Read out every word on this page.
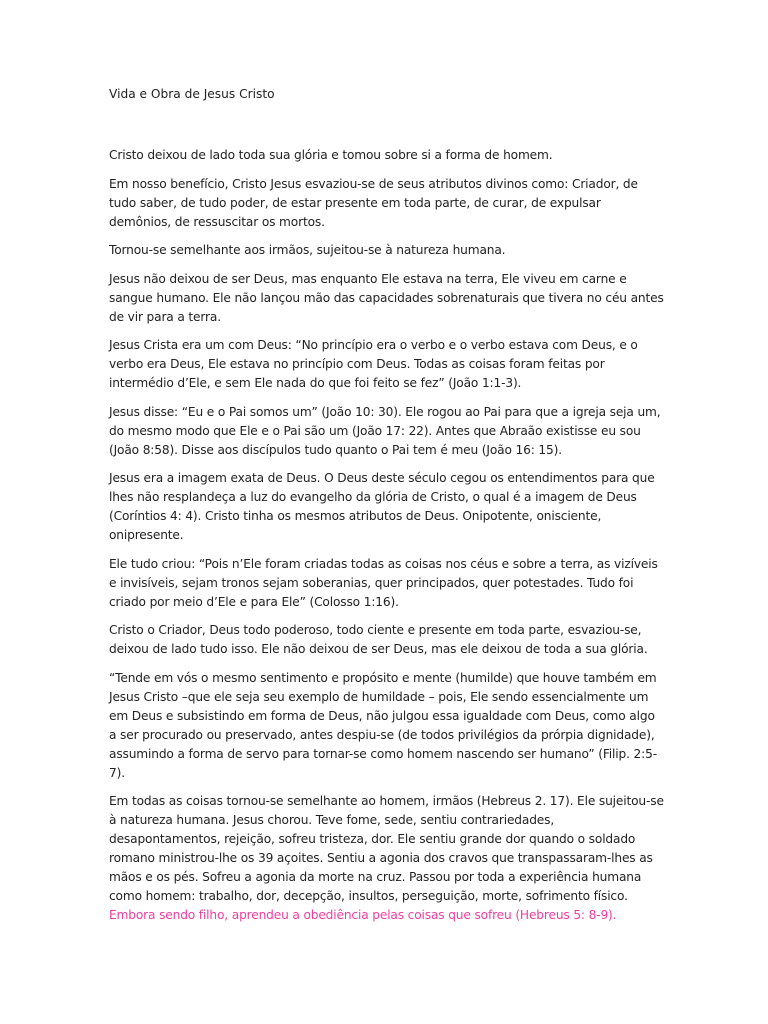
Vida e Obra de Jesus Cristo

Cristo deixou de lado toda sua glória e tomou sobre si a forma de homem.

Em nosso benefício, Cristo Jesus esvaziou-se de seus atributos divinos como: Criador, de tudo saber, de tudo poder, de estar presente em toda parte, de curar, de expulsar demônios, de ressuscitar os mortos.

Tornou-se semelhante aos irmãos, sujeitou-se à natureza humana.

Jesus não deixou de ser Deus, mas enquanto Ele estava na terra, Ele viveu em carne e sangue humano. Ele não lançou mão das capacidades sobrenaturais que tivera no céu antes de vir para a terra.

Jesus Crista era um com Deus: “No princípio era o verbo e o verbo estava com Deus, e o verbo era Deus, Ele estava no princípio com Deus. Todas as coisas foram feitas por intermédio d’Ele, e sem Ele nada do que foi feito se fez” (João 1:1-3).

Jesus disse: “Eu e o Pai somos um” (João 10: 30). Ele rogou ao Pai para que a igreja seja um, do mesmo modo que Ele e o Pai são um (João 17: 22). Antes que Abraão existisse eu sou (João 8:58). Disse aos discípulos tudo quanto o Pai tem é meu (João 16: 15).

Jesus era a imagem exata de Deus. O Deus deste século cegou os entendimentos para que lhes não resplandeça a luz do evangelho da glória de Cristo, o qual é a imagem de Deus (Coríntios 4: 4). Cristo tinha os mesmos atributos de Deus. Onipotente, onisciente, onipresente.

Ele tudo criou: “Pois n’Ele foram criadas todas as coisas nos céus e sobre a terra, as vizíveis e invisíveis, sejam tronos sejam soberanias, quer principados, quer potestades. Tudo foi criado por meio d’Ele e para Ele” (Colosso 1:16).

Cristo o Criador, Deus todo poderoso, todo ciente e presente em toda parte, esvaziou-se, deixou de lado tudo isso. Ele não deixou de ser Deus, mas ele deixou de toda a sua glória.

“Tende em vós o mesmo sentimento e propósito e mente (humilde) que houve também em Jesus Cristo –que ele seja seu exemplo de humildade – pois, Ele sendo essencialmente um em Deus e subsistindo em forma de Deus, não julgou essa igualdade com Deus, como algo a ser procurado ou preservado, antes despiu-se (de todos privilégios da prórpia dignidade), assumindo a forma de servo para tornar-se como homem nascendo ser humano” (Filip. 2:5-7).

Em todas as coisas tornou-se semelhante ao homem, irmãos (Hebreus 2. 17). Ele sujeitou-se à natureza humana. Jesus chorou. Teve fome, sede, sentiu contrariedades, desapontamentos, rejeição, sofreu tristeza, dor. Ele sentiu grande dor quando o soldado romano ministrou-lhe os 39 açoites. Sentiu a agonia dos cravos que transpassaram-lhes as mãos e os pés. Sofreu a agonia da morte na cruz. Passou por toda a experiência humana como homem: trabalho, dor, decepção, insultos, perseguição, morte, sofrimento físico. Embora sendo filho, aprendeu a obediência pelas coisas que sofreu (Hebreus 5: 8-9).
